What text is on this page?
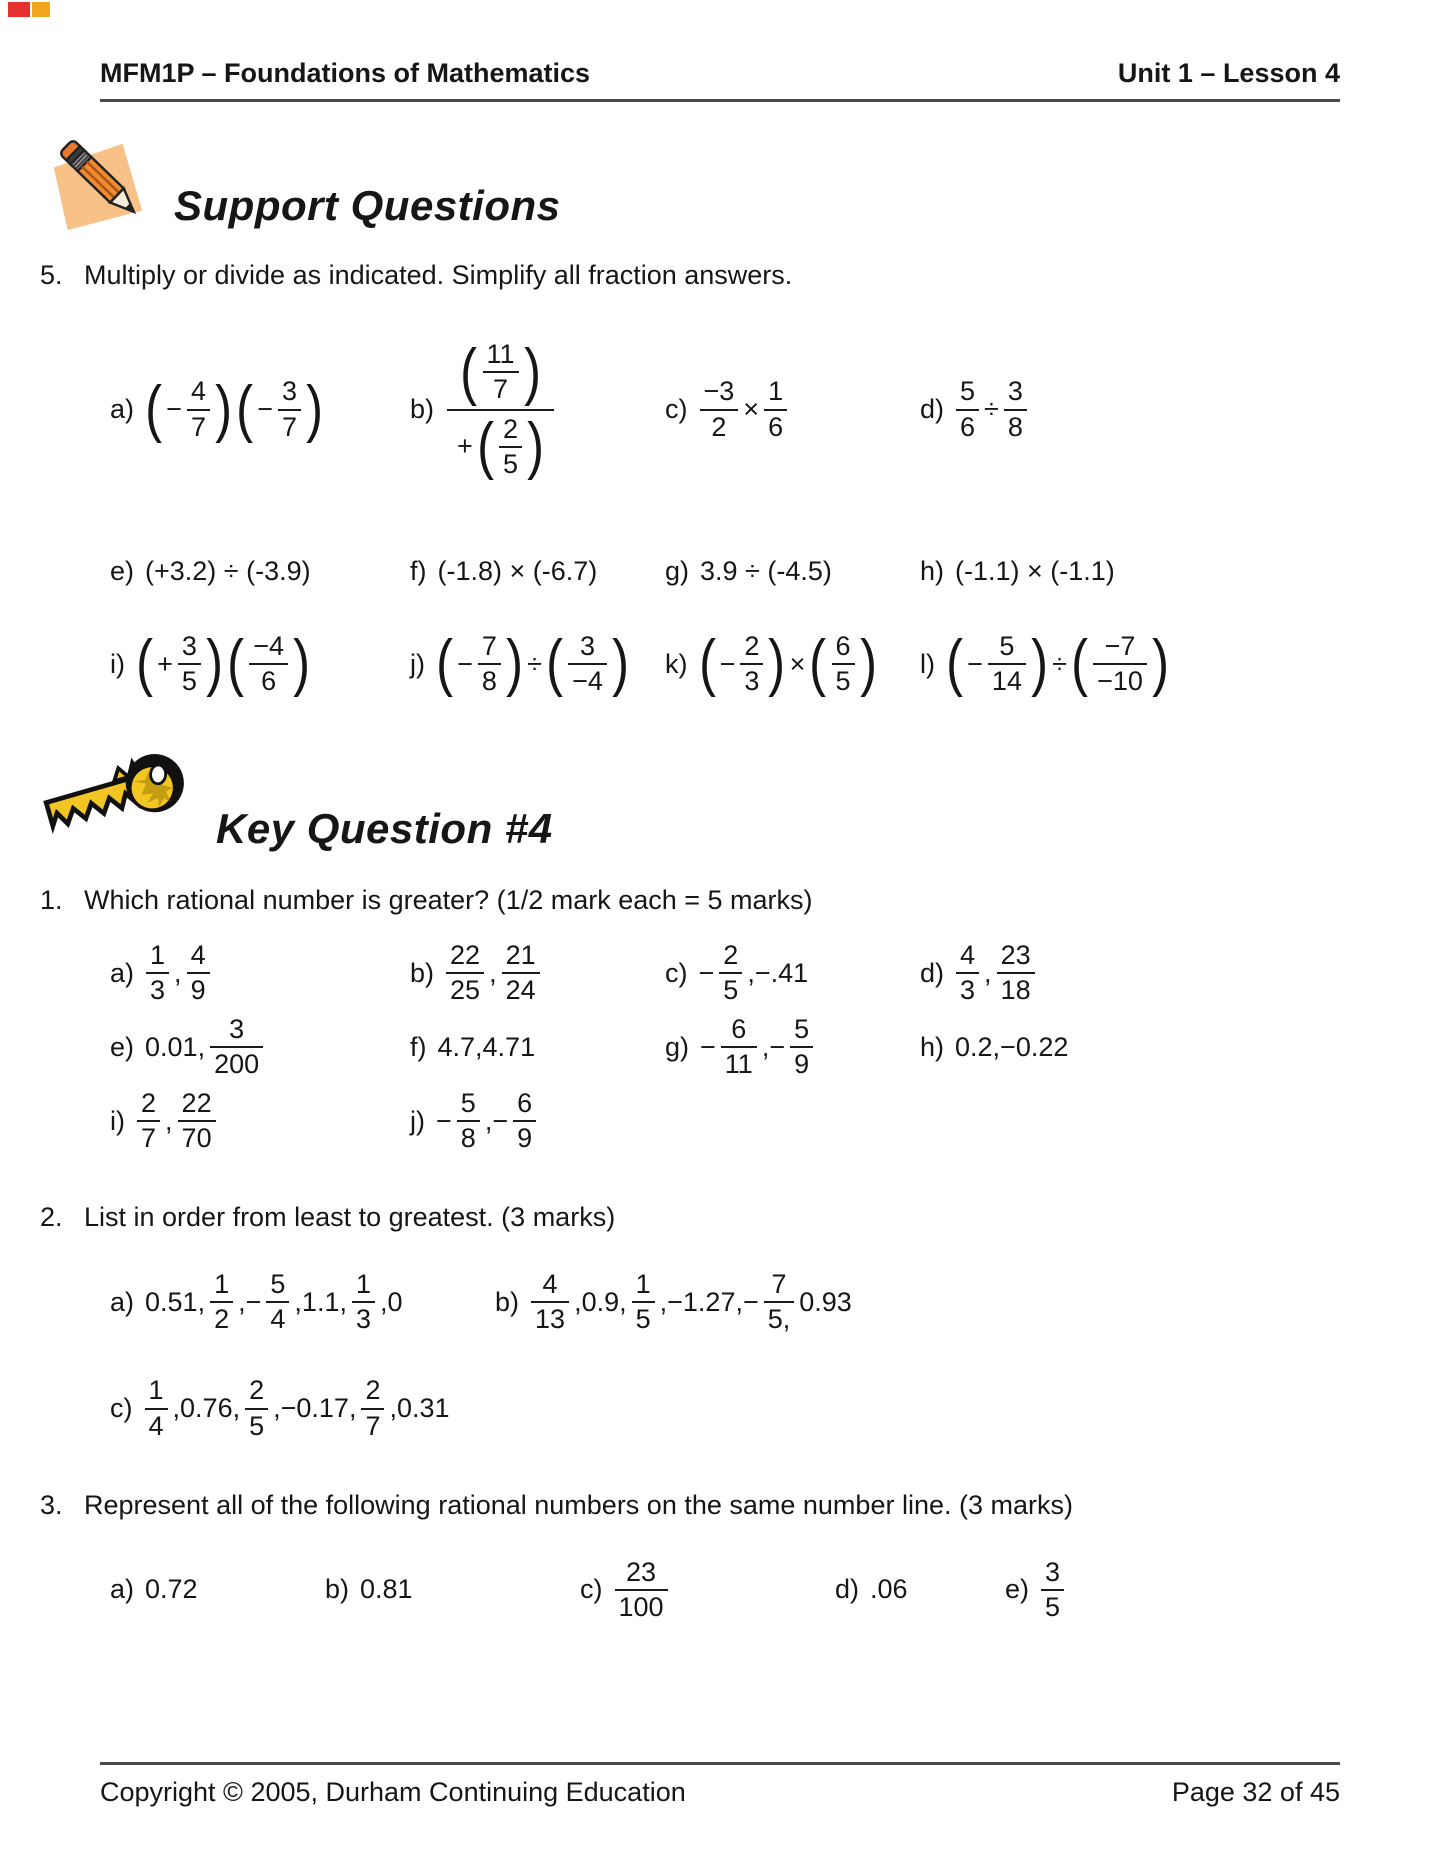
MFM1P – Foundations of Mathematics	Unit 1 – Lesson 4
Support Questions
5. Multiply or divide as indicated. Simplify all fraction answers.
a) ( − $\frac{4}{7}$ ) ( − $\frac{3}{7}$ )	b)
( $\frac{11}{7}$ )
+ ( $\frac{2}{5}$ )
$c) \frac{-3}{2} \times \frac{1}{6}$	$d) \frac{5}{6} \div \frac{3}{8}$
e) (+3.2) ÷ (-3.9)	f) (-1.8) × (-6.7)	g) 3.9 ÷ (-4.5)	h) (-1.1) × (-1.1)
i) ( + $\frac{3}{5}$ ) ( $\frac{-4}{6}$ )	j) ( − $\frac{7}{8}$ ) ÷ ( $\frac{3}{-4}$ ) k) ( − $\frac{2}{3}$ ) × ( $\frac{6}{5}$ ) l) ( − $\frac{5}{14}$ ) ÷ ( $\frac{-7}{-10}$ )
Key Question #4
1. Which rational number is greater? (1/2 mark each = 5 marks)
$a) \frac{1}{3}$ , $\frac{4}{9}$	$b) \frac{22}{25}$ , $\frac{21}{24}$	$c) - \frac{2}{5} ,-.41$	$d) \frac{4}{3}$ , $\frac{23}{18}$
e) 0.01, $\frac{3}{200}$	f) 4.7,4.71	$g) - \frac{6}{11}$ ,− $\frac{5}{9}$	h) 0.2,−0.22
$i) \frac{2}{7}$ , $\frac{22}{70}$	$j) - \frac{5}{8}$ ,− $\frac{6}{9}$
2. List in order from least to greatest. (3 marks)
a) 0.51, $\frac{1}{2}$ ,− $\frac{5}{4} ,1.1$, $\frac{1}{3} ,0$	$b) \frac{4}{13} ,0.9$, $\frac{1}{5} ,-1.27,- \frac{7}{5,} 0.93$
$c) \frac{1}{4} ,0.76$, $\frac{2}{5} ,-0.17$, $\frac{2}{7} ,0.31$
3. Represent all of the following rational numbers on the same number line. (3 marks)
a) 0.72	b) 0.81	$c) \frac{23}{100}$	d) .06	$e) \frac{3}{5}$
Copyright © 2005, Durham Continuing Education	Page 32 of 45
